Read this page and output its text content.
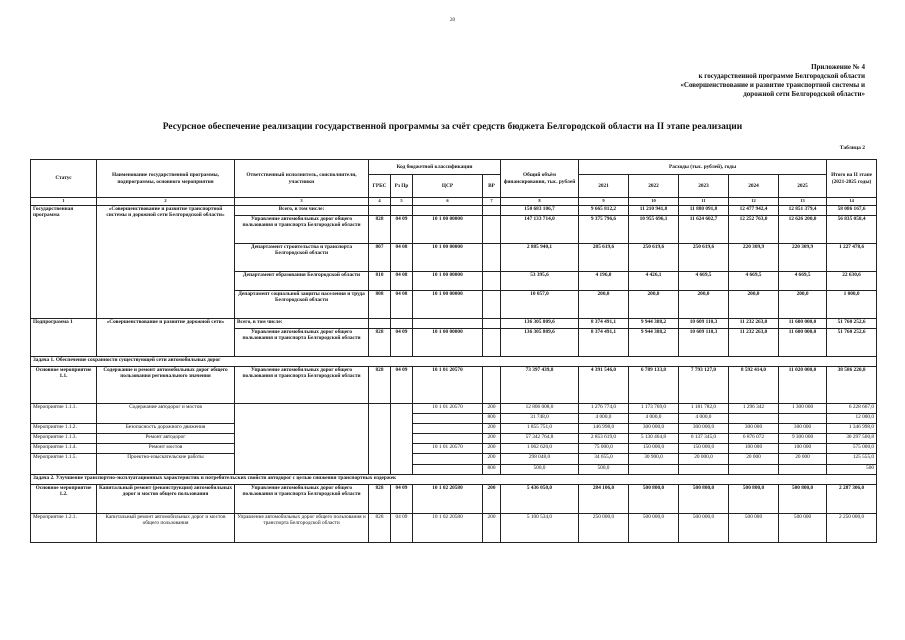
20
Приложение № 4
к государственной программе Белгородской области
«Совершенствование и развитие транспортной системы и
дорожной сети Белгородской области»
Ресурсное обеспечение реализации государственной программы за счёт средств бюджета Белгородской области на II этапе реализации
Таблица 2
Статус	Наименование государственной программы, подпрограммы, основного мероприятия	Ответственный исполнитель, соисполнители, участники	Код бюджетной классификации				Общий объём финансирования, тыс. рублей	Расходы (тыс. рублей), годы					Итого на II этапе (2021-2025 годы)
			ГРБС	Рз Пр	ЦСР	ВР		2021	2022	2023	2024	2025	
1	2	3	4	5	6	7	8	9	10	11	12	13	14
Государственная программа	«Совершенствование и развитие транспортной системы и дорожной сети Белгородской области»	Всего, в том числе:					150 683 106,7	9 665 812,2	11 210 941,8	11 880 091,8	12 477 942,4	12 851 379,4	58 086 167,6
		Управление автомобильных дорог общего пользования и транспорта Белгородской области	828	04 09	10 1 00 00000		147 133 714,0	9 375 796,6	10 955 696,1	11 624 602,7	12 252 763,0	12 626 200,0	56 835 058,4
		Департамент строительства и транспорта Белгородской области	807	04 08	10 1 00 00000		2 885 940,1	285 619,6	250 619,6	250 619,6	220 309,9	220 309,9	1 227 478,6
		Департамент образования Белгородской области	810	04 08	10 1 00 00000		53 395,6	4 196,0	4 426,1	4 669,5	4 669,5	4 669,5	22 630,6
		Департамент социальной защиты населения и труда Белгородской области	808	04 08	10 1 00 00000		10 057,0	200,0	200,0	200,0	200,0	200,0	1 000,0
Подпрограмма 1	«Совершенствование и развитие дорожной сети»	Всего, в том числе:					136 305 809,6	8 374 491,1	9 944 388,2	10 609 110,3	11 232 263,0	11 600 000,0	51 760 252,6
		Управление автомобильных дорог общего пользования и транспорта Белгородской области	828	04 09	10 1 00 00000		136 305 809,6	8 374 491,1	9 944 388,2	10 609 110,3	11 232 263,0	11 600 000,0	51 760 252,6
Задача 1. Обеспечение сохранности существующей сети автомобильных дорог													
Основное мероприятие 1.1.	Содержание и ремонт автомобильных дорог общего пользования регионального значения	Управление автомобильных дорог общего пользования и транспорта Белгородской области	828	04 09	10 1 01 20570		73 397 439,8	4 391 546,0	6 789 133,8	7 793 127,0	8 592 414,0	11 020 000,0	38 586 220,8
Мероприятие 1.1.1.	Содержание автодорог и мостов				10 1 01 20570	200	12 806 008,0	1 276 774,0	1 173 769,0	1 181 782,0	1 296 342	1 300 000	6 228 667,0
						800	31 748,0	4 000,0	4 000,0	4 000,0			12 000,0
Мероприятие 1.1.2.	Безопасность дорожного движения					200	1 855 751,0	146 998,0	300 000,0	300 000,0	300 000	300 000	1 346 998,0
Мероприятие 1.1.3.	Ремонт автодорог					200	57 342 764,8	2 853 619,0	5 130 464,8	6 137 345,0	6 876 072	9 300 000	30 297 500,8
Мероприятие 1.1.4.	Ремонт мостов				10 1 01 20570	200	1 062 620,0	75 000,0	150 000,0	150 000,0	100 000	100 000	575 000,0
Мероприятие 1.1.5.	Проектно-изыскательские работы					200	298 048,0	34 655,0	30 900,0	20 000,0	20 000	20 000	125 555,0
						800	500,0	500,0					500
Задача 2. Улучшение транспортно-эксплуатационных характеристик и потребительских свойств автодорог с целью снижения транспортных издержек													
Основное мероприятие 1.2.	Капитальный ремонт (реконструкция) автомобильных дорог и мостов общего пользования	Управление автомобильных дорог общего пользования и транспорта Белгородской области	828	04 09	10 1 02 20580	200	5 436 050,0	284 106,0	500 800,0	500 800,0	500 800,0	500 800,0	2 287 306,0
Мероприятие 1.2.1.	Капитальный ремонт автомобильных дорог и мостов общего пользования	Управление автомобильных дорог общего пользования и транспорта Белгородской области	828	04 09	10 1 02 20580	200	5 100 534,0	250 000,0	500 000,0	500 000,0	500 000	500 000	2 250 000,0
